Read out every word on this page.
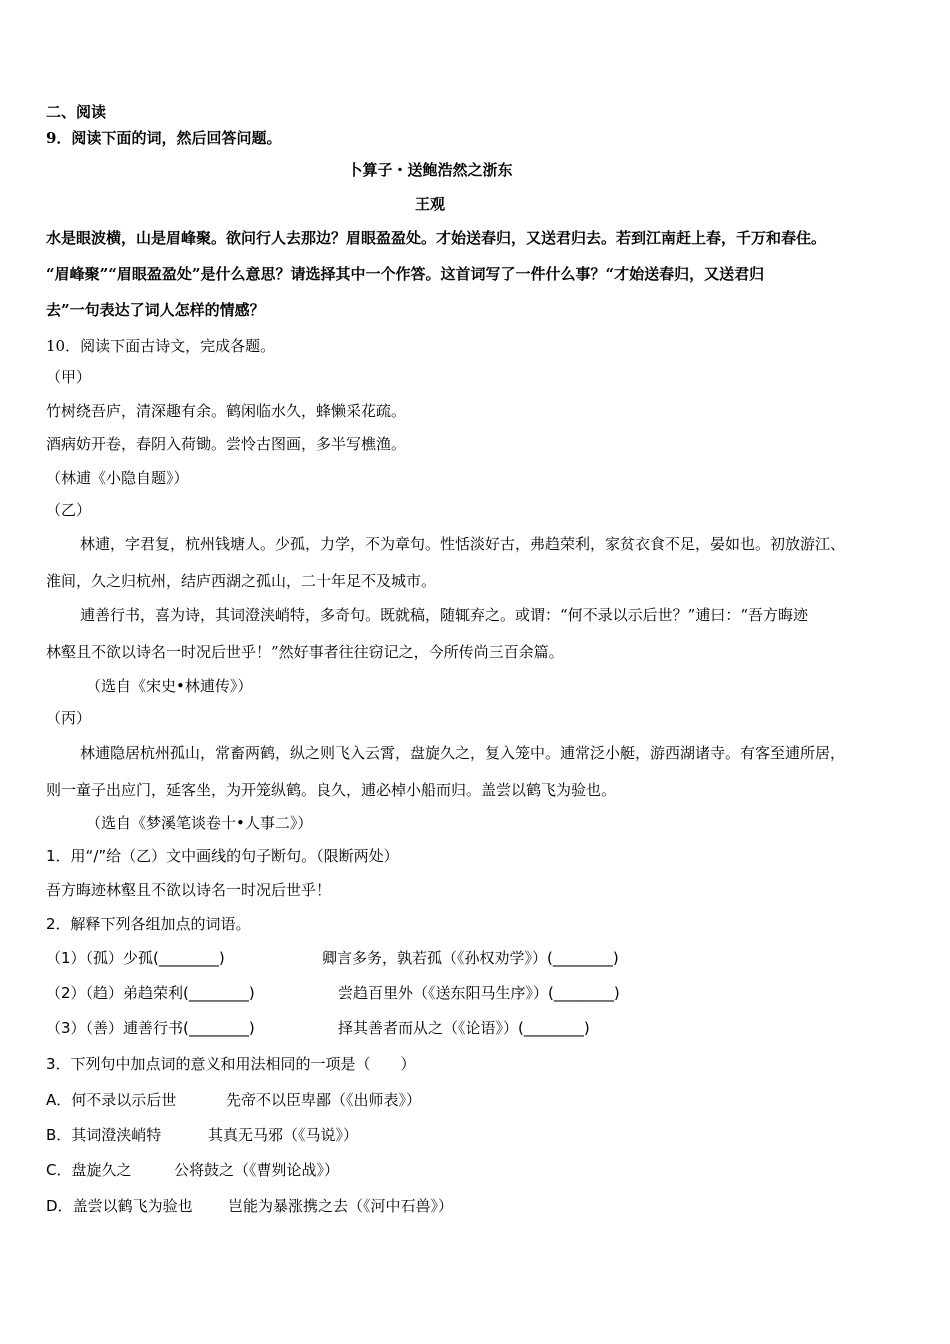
二、阅读
9．阅读下面的词，然后回答问题。
卜算子・送鲍浩然之浙东
王观
水是眼波横，山是眉峰聚。欲问行人去那边？眉眼盈盈处。才始送春归，又送君归去。若到江南赶上春，千万和春住。
“眉峰聚”“眉眼盈盈处”是什么意思？请选择其中一个作答。这首词写了一件什么事？“才始送春归，又送君归
去”一句表达了词人怎样的情感？
10．阅读下面古诗文，完成各题。
（甲）
竹树绕吾庐，清深趣有余。鹤闲临水久，蜂懒采花疏。
酒病妨开卷，春阴入荷锄。尝怜古图画，多半写樵渔。
（林逋《小隐自题》）
（乙）
林逋，字君复，杭州钱塘人。少孤，力学，不为章句。性恬淡好古，弗趋荣利，家贫衣食不足，晏如也。初放游江、
淮间，久之归杭州，结庐西湖之孤山，二十年足不及城市。
逋善行书，喜为诗，其词澄浃峭特，多奇句。既就稿，随辄弃之。或谓：“何不录以示后世？”逋曰：“吾方晦迹
林壑且不欲以诗名一时况后世乎！”然好事者往往窃记之，今所传尚三百余篇。
（选自《宋史•林逋传》）
（丙）
林逋隐居杭州孤山，常畜两鹤，纵之则飞入云霄，盘旋久之，复入笼中。逋常泛小艇，游西湖诸寺。有客至逋所居，
则一童子出应门，延客坐，为开笼纵鹤。良久，逋必棹小船而归。盖尝以鹤飞为验也。
（选自《梦溪笔谈卷十•人事二》）
1．用“/”给（乙）文中画线的句子断句。（限断两处）
吾方晦迹林壑且不欲以诗名一时况后世乎！
2．解释下列各组加点的词语。
（1）（孤）少孤(________)	卿言多务，孰若孤（《孙权劝学》）(________)
（2）（趋）弟趋荣利(________)	尝趋百里外（《送东阳马生序》）(________)
（3）（善）逋善行书(________)	择其善者而从之（《论语》）(________)
3．下列句中加点词的意义和用法相同的一项是（　　）
A．何不录以示后世	先帝不以臣卑鄙（《出师表》）
B．其词澄浃峭特	其真无马邪（《马说》）
C．盘旋久之	公将鼓之（《曹刿论战》）
D．盖尝以鹤飞为验也 岂能为暴涨携之去（《河中石兽》）
